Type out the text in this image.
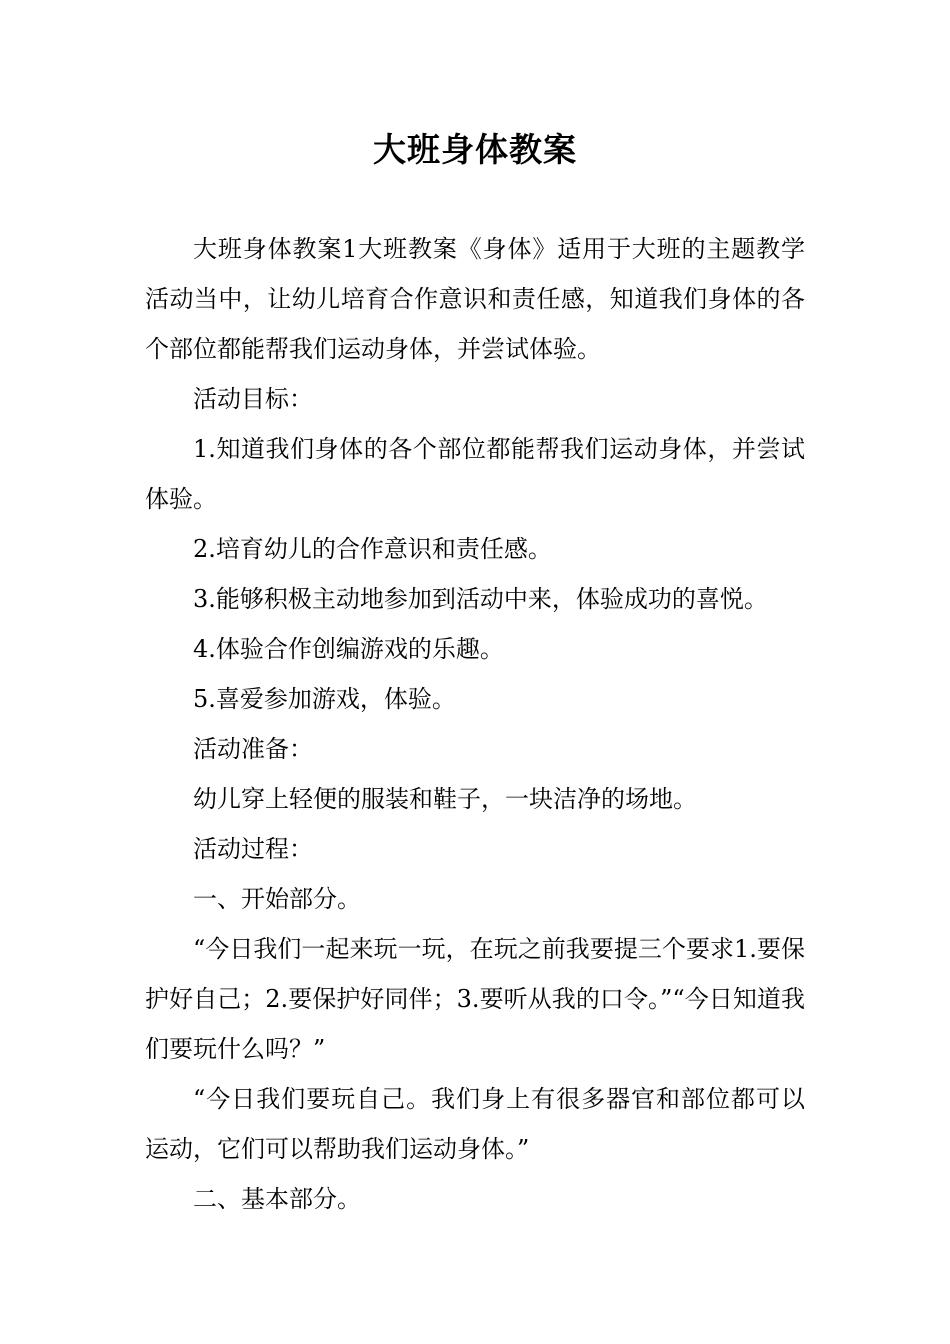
大班身体教案

大班身体教案1大班教案《身体》适用于大班的主题教学活动当中，让幼儿培育合作意识和责任感，知道我们身体的各个部位都能帮我们运动身体，并尝试体验。

活动目标：

1.知道我们身体的各个部位都能帮我们运动身体，并尝试体验。

2.培育幼儿的合作意识和责任感。

3.能够积极主动地参加到活动中来，体验成功的喜悦。

4.体验合作创编游戏的乐趣。

5.喜爱参加游戏，体验。

活动准备：

幼儿穿上轻便的服装和鞋子，一块洁净的场地。

活动过程：

一、开始部分。

“今日我们一起来玩一玩，在玩之前我要提三个要求1.要保护好自己；2.要保护好同伴；3.要听从我的口令。”“今日知道我们要玩什么吗？”

“今日我们要玩自己。我们身上有很多器官和部位都可以运动，它们可以帮助我们运动身体。”

二、基本部分。
